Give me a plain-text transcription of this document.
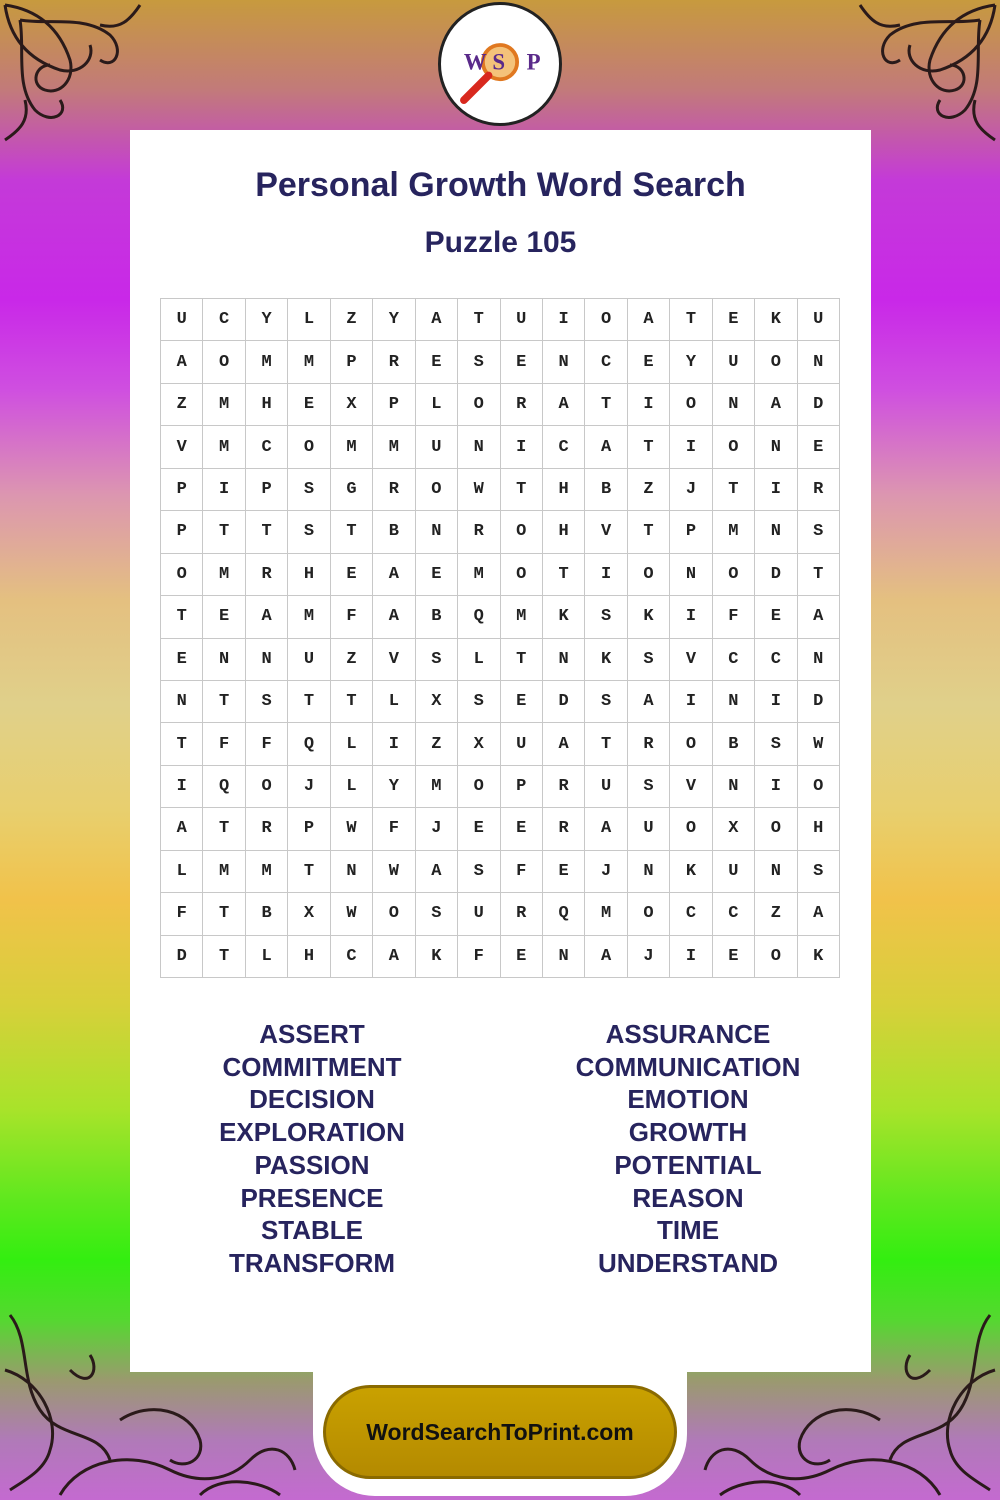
W S P
Personal Growth Word Search
Puzzle 105
U	C	Y	L	Z	Y	A	T	U	I	O	A	T	E	K	U
A	O	M	M	P	R	E	S	E	N	C	E	Y	U	O	N
Z	M	H	E	X	P	L	O	R	A	T	I	O	N	A	D
V	M	C	O	M	M	U	N	I	C	A	T	I	O	N	E
P	I	P	S	G	R	O	W	T	H	B	Z	J	T	I	R
P	T	T	S	T	B	N	R	O	H	V	T	P	M	N	S
O	M	R	H	E	A	E	M	O	T	I	O	N	O	D	T
T	E	A	M	F	A	B	Q	M	K	S	K	I	F	E	A
E	N	N	U	Z	V	S	L	T	N	K	S	V	C	C	N
N	T	S	T	T	L	X	S	E	D	S	A	I	N	I	D
T	F	F	Q	L	I	Z	X	U	A	T	R	O	B	S	W
I	Q	O	J	L	Y	M	O	P	R	U	S	V	N	I	O
A	T	R	P	W	F	J	E	E	R	A	U	O	X	O	H
L	M	M	T	N	W	A	S	F	E	J	N	K	U	N	S
F	T	B	X	W	O	S	U	R	Q	M	O	C	C	Z	A
D	T	L	H	C	A	K	F	E	N	A	J	I	E	O	K
ASSERT
COMMITMENT
DECISION
EXPLORATION
PASSION
PRESENCE
STABLE
TRANSFORM
ASSURANCE
COMMUNICATION
EMOTION
GROWTH
POTENTIAL
REASON
TIME
UNDERSTAND
WordSearchToPrint.com
